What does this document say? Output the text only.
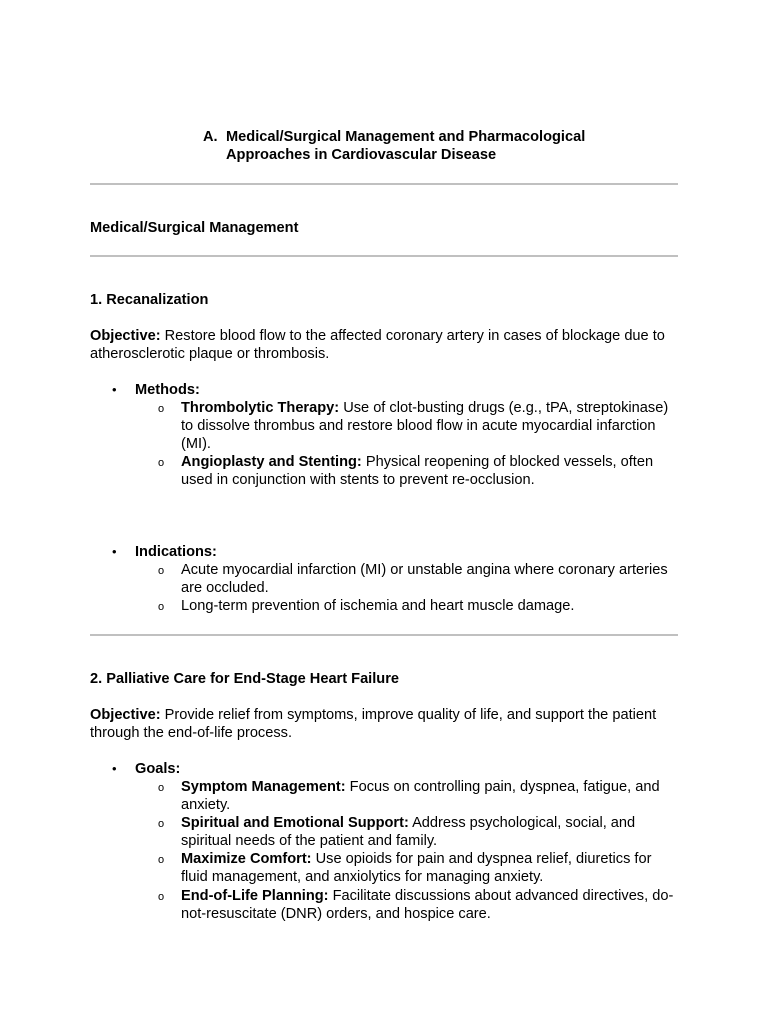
A. Medical/Surgical Management and Pharmacological
Approaches in Cardiovascular Disease
Medical/Surgical Management
1. Recanalization
Objective: Restore blood flow to the affected coronary artery in cases of blockage due to atherosclerotic plaque or thrombosis.
• Methods:
o Thrombolytic Therapy: Use of clot-busting drugs (e.g., tPA, streptokinase) to dissolve thrombus and restore blood flow in acute myocardial infarction (MI).
o Angioplasty and Stenting: Physical reopening of blocked vessels, often used in conjunction with stents to prevent re-occlusion.
• Indications:
o Acute myocardial infarction (MI) or unstable angina where coronary arteries are occluded.
o Long-term prevention of ischemia and heart muscle damage.
2. Palliative Care for End-Stage Heart Failure
Objective: Provide relief from symptoms, improve quality of life, and support the patient through the end-of-life process.
• Goals:
o Symptom Management: Focus on controlling pain, dyspnea, fatigue, and anxiety.
o Spiritual and Emotional Support: Address psychological, social, and spiritual needs of the patient and family.
o Maximize Comfort: Use opioids for pain and dyspnea relief, diuretics for fluid management, and anxiolytics for managing anxiety.
o End-of-Life Planning: Facilitate discussions about advanced directives, do-not-resuscitate (DNR) orders, and hospice care.
